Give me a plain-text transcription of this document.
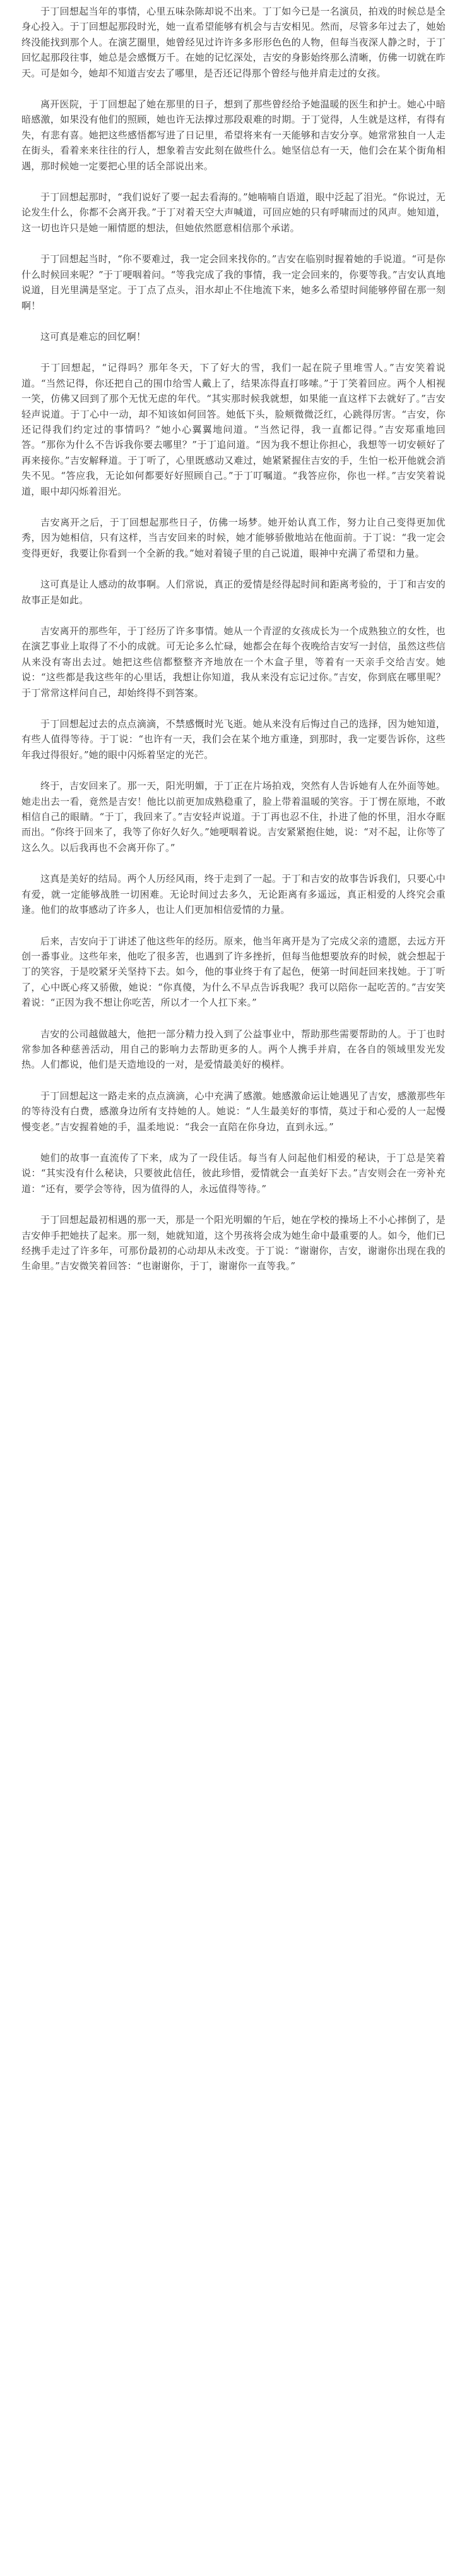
于丁回想起当年的事情，心里五味杂陈却说不出来。丁丁如今已是一名演员，拍戏的时候总是全身心投入。于丁回想起那段时光，她一直希望能够有机会与吉安相见。然而，尽管多年过去了，她始终没能找到那个人。在演艺圈里，她曾经见过许许多多形形色色的人物，但每当夜深人静之时，于丁回忆起那段往事，她总是会感慨万千。在她的记忆深处，吉安的身影始终那么清晰，仿佛一切就在昨天。可是如今，她却不知道吉安去了哪里，是否还记得那个曾经与他并肩走过的女孩。

离开医院，于丁回想起了她在那里的日子，想到了那些曾经给予她温暖的医生和护士。她心中暗暗感激，如果没有他们的照顾，她也许无法撑过那段艰难的时期。于丁觉得，人生就是这样，有得有失，有悲有喜。她把这些感悟都写进了日记里，希望将来有一天能够和吉安分享。她常常独自一人走在街头，看着来来往往的行人，想象着吉安此刻在做些什么。她坚信总有一天，他们会在某个街角相遇，那时候她一定要把心里的话全部说出来。

于丁回想起那时，“我们说好了要一起去看海的。”她喃喃自语道，眼中泛起了泪光。“你说过，无论发生什么，你都不会离开我。”于丁对着天空大声喊道，可回应她的只有呼啸而过的风声。她知道，这一切也许只是她一厢情愿的想法，但她依然愿意相信那个承诺。

于丁回想起当时，“你不要难过，我一定会回来找你的。”吉安在临别时握着她的手说道。“可是你什么时候回来呢？”于丁哽咽着问。“等我完成了我的事情，我一定会回来的，你要等我。”吉安认真地说道，目光里满是坚定。于丁点了点头，泪水却止不住地流下来，她多么希望时间能够停留在那一刻啊！

这可真是难忘的回忆啊！

于丁回想起，“记得吗？那年冬天，下了好大的雪，我们一起在院子里堆雪人。”吉安笑着说道。“当然记得，你还把自己的围巾给雪人戴上了，结果冻得直打哆嗦。”于丁笑着回应。两个人相视一笑，仿佛又回到了那个无忧无虑的年代。“其实那时候我就想，如果能一直这样下去就好了。”吉安轻声说道。于丁心中一动，却不知该如何回答。她低下头，脸颊微微泛红，心跳得厉害。“吉安，你还记得我们约定过的事情吗？”她小心翼翼地问道。“当然记得，我一直都记得。”吉安郑重地回答。“那你为什么不告诉我你要去哪里？”于丁追问道。“因为我不想让你担心，我想等一切安顿好了再来接你。”吉安解释道。于丁听了，心里既感动又难过，她紧紧握住吉安的手，生怕一松开他就会消失不见。“答应我，无论如何都要好好照顾自己。”于丁叮嘱道。“我答应你，你也一样。”吉安笑着说道，眼中却闪烁着泪光。

吉安离开之后，于丁回想起那些日子，仿佛一场梦。她开始认真工作，努力让自己变得更加优秀，因为她相信，只有这样，当吉安回来的时候，她才能够骄傲地站在他面前。于丁说：“我一定会变得更好，我要让你看到一个全新的我。”她对着镜子里的自己说道，眼神中充满了希望和力量。

这可真是让人感动的故事啊。人们常说，真正的爱情是经得起时间和距离考验的，于丁和吉安的故事正是如此。

吉安离开的那些年，于丁经历了许多事情。她从一个青涩的女孩成长为一个成熟独立的女性，也在演艺事业上取得了不小的成就。可无论多么忙碌，她都会在每个夜晚给吉安写一封信，虽然这些信从来没有寄出去过。她把这些信都整整齐齐地放在一个木盒子里，等着有一天亲手交给吉安。她说：“这些都是我这些年的心里话，我想让你知道，我从来没有忘记过你。”吉安，你到底在哪里呢？于丁常常这样问自己，却始终得不到答案。

于丁回想起过去的点点滴滴，不禁感慨时光飞逝。她从来没有后悔过自己的选择，因为她知道，有些人值得等待。于丁说：“也许有一天，我们会在某个地方重逢，到那时，我一定要告诉你，这些年我过得很好。”她的眼中闪烁着坚定的光芒。

终于，吉安回来了。那一天，阳光明媚，于丁正在片场拍戏，突然有人告诉她有人在外面等她。她走出去一看，竟然是吉安！他比以前更加成熟稳重了，脸上带着温暖的笑容。于丁愣在原地，不敢相信自己的眼睛。“于丁，我回来了。”吉安轻声说道。于丁再也忍不住，扑进了他的怀里，泪水夺眶而出。“你终于回来了，我等了你好久好久。”她哽咽着说。吉安紧紧抱住她，说：“对不起，让你等了这么久。以后我再也不会离开你了。”

这真是美好的结局。两个人历经风雨，终于走到了一起。于丁和吉安的故事告诉我们，只要心中有爱，就一定能够战胜一切困难。无论时间过去多久，无论距离有多遥远，真正相爱的人终究会重逢。他们的故事感动了许多人，也让人们更加相信爱情的力量。

后来，吉安向于丁讲述了他这些年的经历。原来，他当年离开是为了完成父亲的遗愿，去远方开创一番事业。这些年来，他吃了很多苦，也遇到了许多挫折，但每当他想要放弃的时候，就会想起于丁的笑容，于是咬紧牙关坚持下去。如今，他的事业终于有了起色，便第一时间赶回来找她。于丁听了，心中既心疼又骄傲，她说：“你真傻，为什么不早点告诉我呢？我可以陪你一起吃苦的。”吉安笑着说：“正因为我不想让你吃苦，所以才一个人扛下来。”

吉安的公司越做越大，他把一部分精力投入到了公益事业中，帮助那些需要帮助的人。于丁也时常参加各种慈善活动，用自己的影响力去帮助更多的人。两个人携手并肩，在各自的领域里发光发热。人们都说，他们是天造地设的一对，是爱情最美好的模样。

于丁回想起这一路走来的点点滴滴，心中充满了感激。她感激命运让她遇见了吉安，感激那些年的等待没有白费，感激身边所有支持她的人。她说：“人生最美好的事情，莫过于和心爱的人一起慢慢变老。”吉安握着她的手，温柔地说：“我会一直陪在你身边，直到永远。”

她们的故事一直流传了下来，成为了一段佳话。每当有人问起他们相爱的秘诀，于丁总是笑着说：“其实没有什么秘诀，只要彼此信任，彼此珍惜，爱情就会一直美好下去。”吉安则会在一旁补充道：“还有，要学会等待，因为值得的人，永远值得等待。”

于丁回想起最初相遇的那一天，那是一个阳光明媚的午后，她在学校的操场上不小心摔倒了，是吉安伸手把她扶了起来。那一刻，她就知道，这个男孩将会成为她生命中最重要的人。如今，他们已经携手走过了许多年，可那份最初的心动却从未改变。于丁说：“谢谢你，吉安，谢谢你出现在我的生命里。”吉安微笑着回答：“也谢谢你，于丁，谢谢你一直等我。”
